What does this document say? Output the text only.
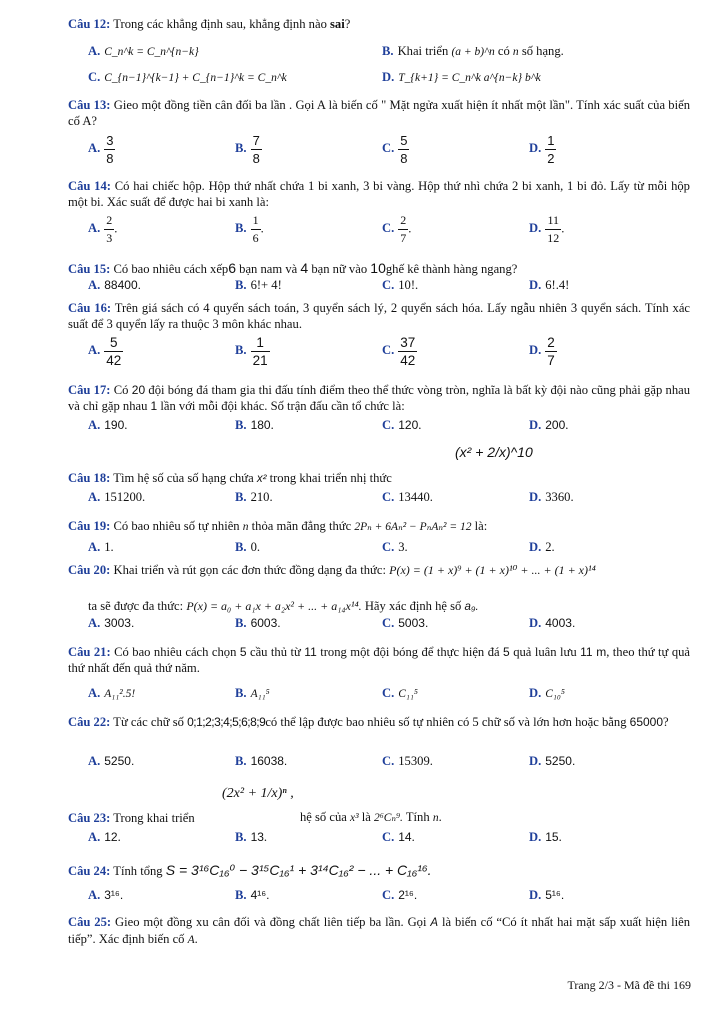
Câu 12: Trong các khẳng định sau, khẳng định nào sai?
A. C_n^k = C_n^{n−k}	B. Khai triển (a + b)^n có n số hạng.
C. C_{n−1}^{k−1} + C_{n−1}^k = C_n^k	D. T_{k+1} = C_n^k a^{n−k} b^k
Câu 13: Gieo một đồng tiền cân đối ba lần . Gọi A là biến cố " Mặt ngửa xuất hiện ít nhất một lần". Tính xác suất của biến cố A?
A. $\frac{3}{8}$	B. $\frac{7}{8}$	C. $\frac{5}{8}$	D. $\frac{1}{2}$
Câu 14: Có hai chiếc hộp. Hộp thứ nhất chứa 1 bi xanh, 3 bi vàng. Hộp thứ nhì chứa 2 bi xanh, 1 bi đỏ. Lấy từ mỗi hộp một bi. Xác suất để được hai bi xanh là:
A. $\frac{2}{3}$ .	B. $\frac{1}{6}$ .	C. $\frac{2}{7}$ .	D. $\frac{11}{12}$ .
Câu 15: Có bao nhiêu cách xếp6 bạn nam và 4 bạn nữ vào 10ghế kê thành hàng ngang?
A. 88400.	B. 6!+ 4!	C. 10!.	D. 6!.4!
Câu 16: Trên giá sách có 4 quyển sách toán, 3 quyển sách lý, 2 quyển sách hóa. Lấy ngẫu nhiên 3 quyển sách. Tính xác suất để 3 quyển lấy ra thuộc 3 môn khác nhau.
A. $\frac{5}{42}$	B. $\frac{1}{21}$	C. $\frac{37}{42}$	D. $\frac{2}{7}$
Câu 17: Có 20 đội bóng đá tham gia thi đấu tính điểm theo thể thức vòng tròn, nghĩa là bất kỳ đội nào cũng phải gặp nhau và chỉ gặp nhau 1 lần với mỗi đội khác. Số trận đấu cần tổ chức là:
A. 190.	B. 180.	C. 120.	D. 200.
Câu 18: Tìm hệ số của số hạng chứa x² trong khai triển nhị thức
(x² + 2/x)^10
A. 151200.	B. 210.	C. 13440.	D. 3360.
Câu 19: Có bao nhiêu số tự nhiên n thỏa mãn đẳng thức 2Pₙ + 6Aₙ² − PₙAₙ² = 12 là:
A. 1.	B. 0.	C. 3.	D. 2.
Câu 20: Khai triển và rút gọn các đơn thức đồng dạng đa thức: P(x) = (1 + x)⁹ + (1 + x)¹⁰ + ... + (1 + x)¹⁴
ta sẽ được đa thức: P(x) = a₀ + a₁x + a₂x² + ... + a₁₄x¹⁴. Hãy xác định hệ số a₉.
A. 3003.	B. 6003.	C. 5003.	D. 4003.
Câu 21: Có bao nhiêu cách chọn 5 cầu thủ từ 11 trong một đội bóng để thực hiện đá 5 quả luân lưu 11 m, theo thứ tự quả thứ nhất đến quả thứ năm.
A. A₁₁².5!	B. A₁₁⁵	C. C₁₁⁵	D. C₁₀⁵
Câu 22: Từ các chữ số 0;1;2;3;4;5;6;8;9có thể lập được bao nhiêu số tự nhiên có 5 chữ số và lớn hơn hoặc bằng 65000?
A. 5250.	B. 16038.	C. 15309.	D. 5250.
Câu 23: Trong khai triển
(2x² + 1/x)ⁿ ,
hệ số của x³ là 2⁶Cₙ⁹. Tính n.
A. 12.	B. 13.	C. 14.	D. 15.
Câu 24: Tính tổng S = 3¹⁶C₁₆⁰ − 3¹⁵C₁₆¹ + 3¹⁴C₁₆² − ... + C₁₆¹⁶.
A. 3¹⁶.	B. 4¹⁶.	C. 2¹⁶.	D. 5¹⁶.
Câu 25: Gieo một đồng xu cân đối và đồng chất liên tiếp ba lần. Gọi A là biến cố “Có ít nhất hai mặt sấp xuất hiện liên tiếp”. Xác định biến cố A.
Trang 2/3 - Mã đề thi 169
